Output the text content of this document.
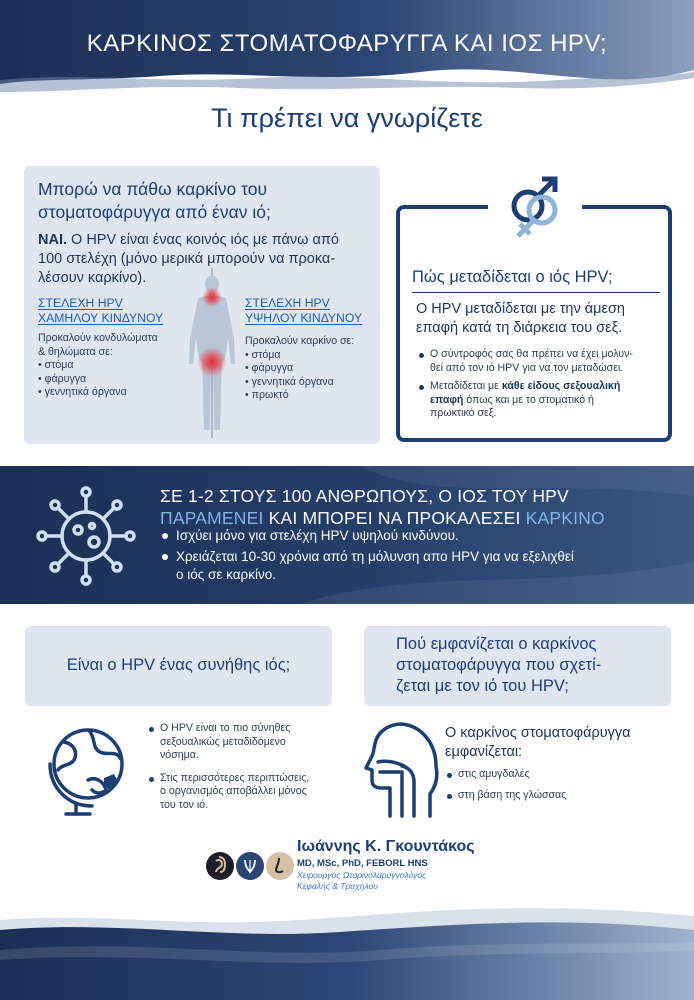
ΚΑΡΚΙΝΟΣ ΣΤΟΜΑΤΟΦΑΡΥΓΓΑ ΚΑΙ ΙΟΣ HPV;
Τι πρέπει να γνωρίζετε
Μπορώ να πάθω καρκίνο του
στοματοφάρυγγα από έναν ιό;
ΝΑΙ. Ο HPV είναι ένας κοινός ιός με πάνω από
100 στελέχη (μόνο μερικά μπορούν να προκα-
λέσουν καρκίνο).
ΣΤΕΛΕΧΗ HPV
ΧΑΜΗΛΟΥ ΚΙΝΔΥΝΟΥ
Προκαλούν κονδυλώματα
& θηλώματα σε:
• στόμα
• φάρυγγα
• γεννητικά όργανα
ΣΤΕΛΕΧΗ HPV
ΥΨΗΛΟΥ ΚΙΝΔΥΝΟΥ
Προκαλούν καρκίνο σε:
• στόμα
• φάρυγγα
• γεννητικά όργανα
• πρωκτό
Πώς μεταδίδεται ο ιός HPV;
Ο HPV μεταδίδεται με την άμεση
επαφή κατά τη διάρκεια του σεξ.
Ο σύντροφός σας θα πρέπει να έχει μολυν-
θεί από τον ιό HPV για να τον μεταδώσει.
Μεταδίδεται με κάθε είδους σεξουαλική
επαφή όπως και με το στοματικό ή
πρωκτικό σεξ.
ΣΕ 1-2 ΣΤΟΥΣ 100 ΑΝΘΡΩΠΟΥΣ, Ο ΙΟΣ ΤΟΥ HPV
ΠΑΡΑΜΕΝΕΙ ΚΑΙ ΜΠΟΡΕΙ ΝΑ ΠΡΟΚΑΛΕΣΕΙ ΚΑΡΚΙΝΟ
Ισχύει μόνο για στελέχη HPV υψηλού κινδύνου.
Χρειάζεται 10-30 χρόνια από τη μόλυνση απο HPV για να εξελιχθεί
ο ιός σε καρκίνο.
Είναι ο HPV ένας συνήθης ιός;
Ο HPV είναι το πιο σύνηθες
σεξουαλικώς μεταδιδόμενο
νόσημα.
Στις περισσότερες περιπτώσεις,
ο οργανισμός αποβάλλει μόνος
του τον ιό.
Πού εμφανίζεται ο καρκίνος
στοματοφάρυγγα που σχετί-
ζεται με τον ιό του HPV;
Ο καρκίνος στοματοφάρυγγα
εμφανίζεται:
στις αμυγδαλές
στη βάση της γλώσσας
Ιωάννης Κ. Γκουντάκος
MD, MSc, PhD, FEBORL HNS
Χειρουργός Ωτορινολαρυγγολόγος
Κεφαλής & Τραχήλου
